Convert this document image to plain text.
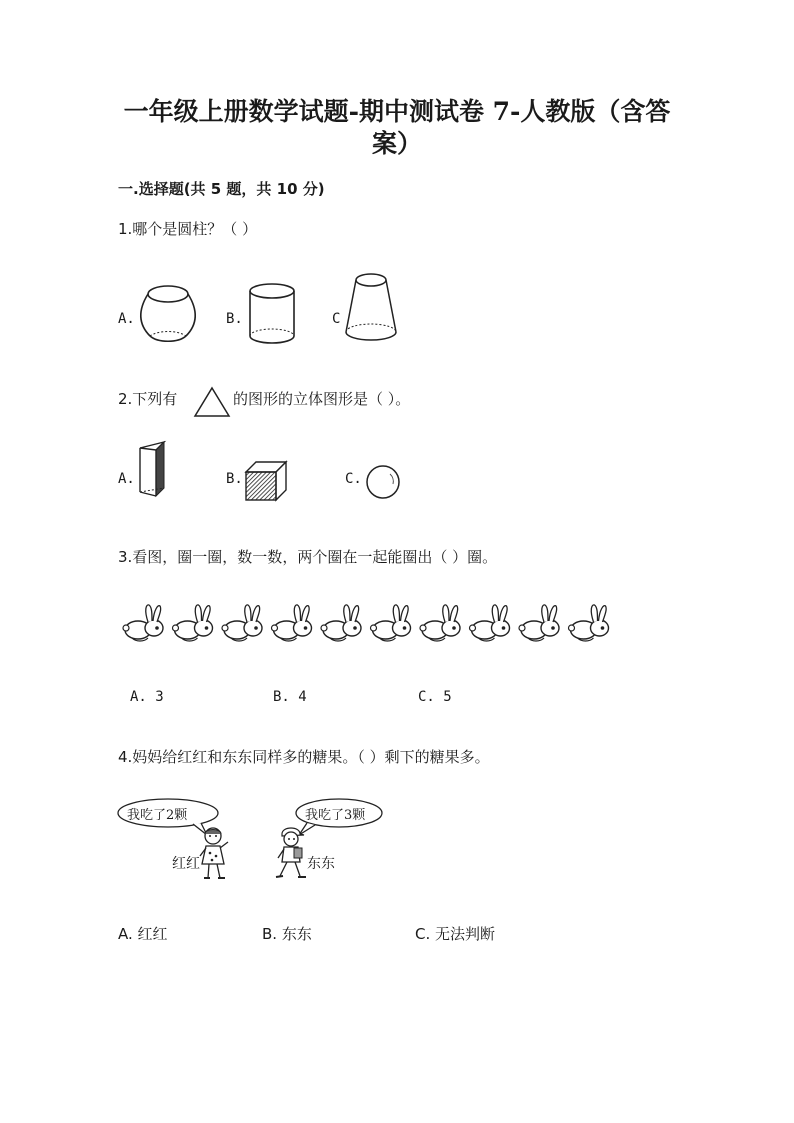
一年级上册数学试题-期中测试卷 7-人教版（含答
案）
一.选择题(共 5 题，共 10 分)
1.哪个是圆柱？（ ）
A.	B.	C
2.下列有	的图形的立体图形是（ ）。
A.	B.	C.
3.看图，圈一圈，数一数，两个圈在一起能圈出（ ）圈。
A. 3	B. 4	C. 5
4.妈妈给红红和东东同样多的糖果。（ ）剩下的糖果多。
我吃了2颗
红红
我吃了3颗
东东
A. 红红	B. 东东	C. 无法判断
